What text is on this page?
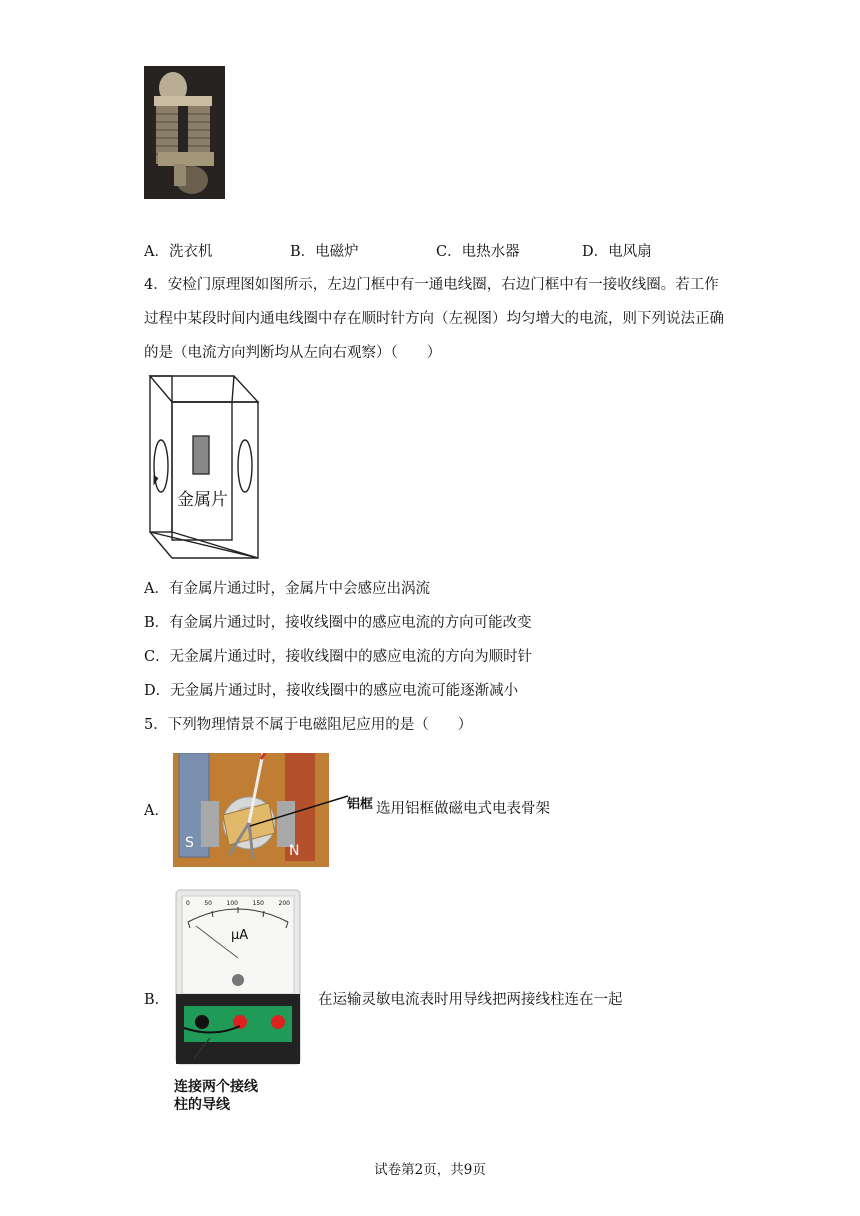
A．洗衣机	B．电磁炉	C．电热水器	D．电风扇
4．安检门原理图如图所示，左边门框中有一通电线圈，右边门框中有一接收线圈。若工作过程中某段时间内通电线圈中存在顺时针方向（左视图）均匀增大的电流，则下列说法正确的是（电流方向判断均从左向右观察）（　　）
金属片
A．有金属片通过时，金属片中会感应出涡流
B．有金属片通过时，接收线圈中的感应电流的方向可能改变
C．无金属片通过时，接收线圈中的感应电流的方向为顺时针
D．无金属片通过时，接收线圈中的感应电流可能逐渐减小
5．下列物理情景不属于电磁阻尼应用的是（　　）
A．
S	N
铝框 选用铝框做磁电式电表骨架
B．
μA
0 50 100 150 200
在运输灵敏电流表时用导线把两接线柱连在一起
连接两个接线
柱的导线
试卷第2页，共9页
